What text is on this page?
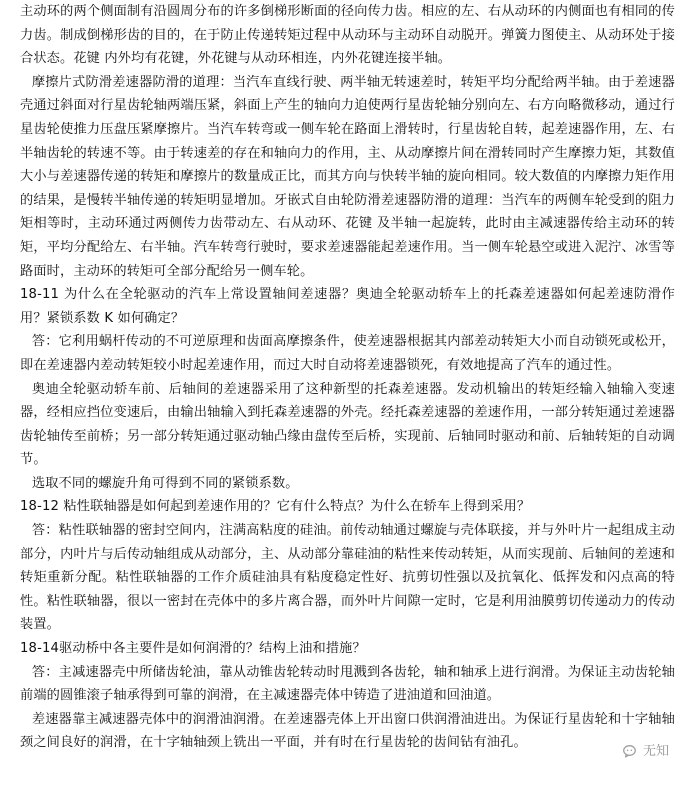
主动环的两个侧面制有沿圆周分布的许多倒梯形断面的径向传力齿。相应的左、右从动环的内侧面也有相同的传力齿。制成倒梯形齿的目的，在于防止传递转矩过程中从动环与主动环自动脱开。弹簧力图使主、从动环处于接合状态。花键 内外均有花键，外花键与从动环相连，内外花键连接半轴。

摩擦片式防滑差速器防滑的道理：当汽车直线行驶、两半轴无转速差时，转矩平均分配给两半轴。由于差速器壳通过斜面对行星齿轮轴两端压紧，斜面上产生的轴向力迫使两行星齿轮轴分别向左、右方向略微移动，通过行星齿轮使推力压盘压紧摩擦片。当汽车转弯或一侧车轮在路面上滑转时，行星齿轮自转，起差速器作用，左、右半轴齿轮的转速不等。由于转速差的存在和轴向力的作用，主、从动摩擦片间在滑转同时产生摩擦力矩，其数值大小与差速器传递的转矩和摩擦片的数量成正比，而其方向与快转半轴的旋向相同。较大数值的内摩擦力矩作用的结果，是慢转半轴传递的转矩明显增加。牙嵌式自由轮防滑差速器防滑的道理：当汽车的两侧车轮受到的阻力矩相等时，主动环通过两侧传力齿带动左、右从动环、花键 及半轴一起旋转，此时由主减速器传给主动环的转矩，平均分配给左、右半轴。汽车转弯行驶时，要求差速器能起差速作用。当一侧车轮悬空或进入泥泞、冰雪等路面时，主动环的转矩可全部分配给另一侧车轮。

18-11 为什么在全轮驱动的汽车上常设置轴间差速器？奥迪全轮驱动轿车上的托森差速器如何起差速防滑作用？紧锁系数 K 如何确定？

答：它利用蜗杆传动的不可逆原理和齿面高摩擦条件，使差速器根据其内部差动转矩大小而自动锁死或松开，即在差速器内差动转矩较小时起差速作用，而过大时自动将差速器锁死，有效地提高了汽车的通过性。

奥迪全轮驱动轿车前、后轴间的差速器采用了这种新型的托森差速器。发动机输出的转矩经输入轴输入变速器，经相应挡位变速后，由输出轴输入到托森差速器的外壳。经托森差速器的差速作用，一部分转矩通过差速器齿轮轴传至前桥；另一部分转矩通过驱动轴凸缘由盘传至后桥，实现前、后轴同时驱动和前、后轴转矩的自动调节。

选取不同的螺旋升角可得到不同的紧锁系数。

18-12 粘性联轴器是如何起到差速作用的？它有什么特点？为什么在轿车上得到采用？

答：粘性联轴器的密封空间内，注满高粘度的硅油。前传动轴通过螺旋与壳体联接，并与外叶片一起组成主动部分，内叶片与后传动轴组成从动部分，主、从动部分靠硅油的粘性来传动转矩，从而实现前、后轴间的差速和转矩重新分配。粘性联轴器的工作介质硅油具有粘度稳定性好、抗剪切性强以及抗氧化、低挥发和闪点高的特性。粘性联轴器，很以一密封在壳体中的多片离合器，而外叶片间隙一定时，它是利用油膜剪切传递动力的传动装置。

18-14驱动桥中各主要件是如何润滑的？结构上油和措施？

答：主减速器壳中所储齿轮油，靠从动锥齿轮转动时甩溅到各齿轮，轴和轴承上进行润滑。为保证主动齿轮轴前端的圆锥滚子轴承得到可靠的润滑，在主减速器壳体中铸造了进油道和回油道。

差速器靠主减速器壳体中的润滑油润滑。在差速器壳体上开出窗口供润滑油进出。为保证行星齿轮和十字轴轴颈之间良好的润滑，在十字轴轴颈上铣出一平面，并有时在行星齿轮的齿间钻有油孔。

无知
